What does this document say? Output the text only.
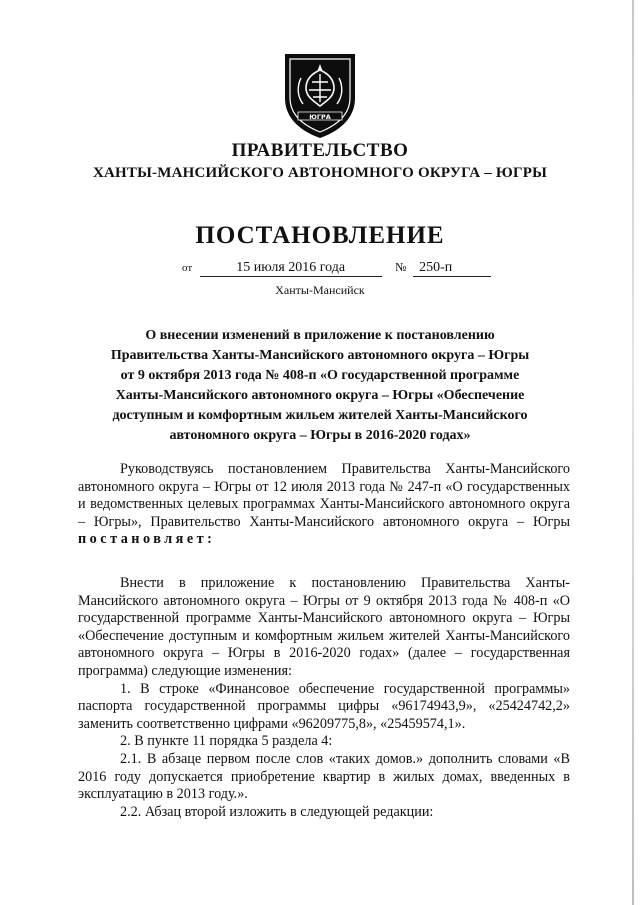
ЮГРА
ПРАВИТЕЛЬСТВО
ХАНТЫ-МАНСИЙСКОГО АВТОНОМНОГО ОКРУГА – ЮГРЫ
ПОСТАНОВЛЕНИЕ
от	15 июля 2016 года	№ 250-п

Ханты-Мансийск

О внесении изменений в приложение к постановлению
Правительства Ханты-Мансийского автономного округа – Югры
от 9 октября 2013 года № 408-п «О государственной программе
Ханты-Мансийского автономного округа – Югры «Обеспечение
доступным и комфортным жильем жителей Ханты-Мансийского
автономного округа – Югры в 2016-2020 годах»

Руководствуясь постановлением Правительства Ханты-Мансийского автономного округа – Югры от 12 июля 2013 года № 247-п «О государственных и ведомственных целевых программах Ханты-Мансийского автономного округа – Югры», Правительство Ханты-Мансийского автономного округа – Югры постановляет:

Внести в приложение к постановлению Правительства Ханты-Мансийского автономного округа – Югры от 9 октября 2013 года № 408-п «О государственной программе Ханты-Мансийского автономного округа – Югры «Обеспечение доступным и комфортным жильем жителей Ханты-Мансийского автономного округа – Югры в 2016-2020 годах» (далее – государственная программа) следующие изменения:

1. В строке «Финансовое обеспечение государственной программы» паспорта государственной программы цифры «96174943,9», «25424742,2» заменить соответственно цифрами «96209775,8», «25459574,1».

2. В пункте 11 порядка 5 раздела 4:

2.1. В абзаце первом после слов «таких домов.» дополнить словами «В 2016 году допускается приобретение квартир в жилых домах, введенных в эксплуатацию в 2013 году.».

2.2. Абзац второй изложить в следующей редакции:
